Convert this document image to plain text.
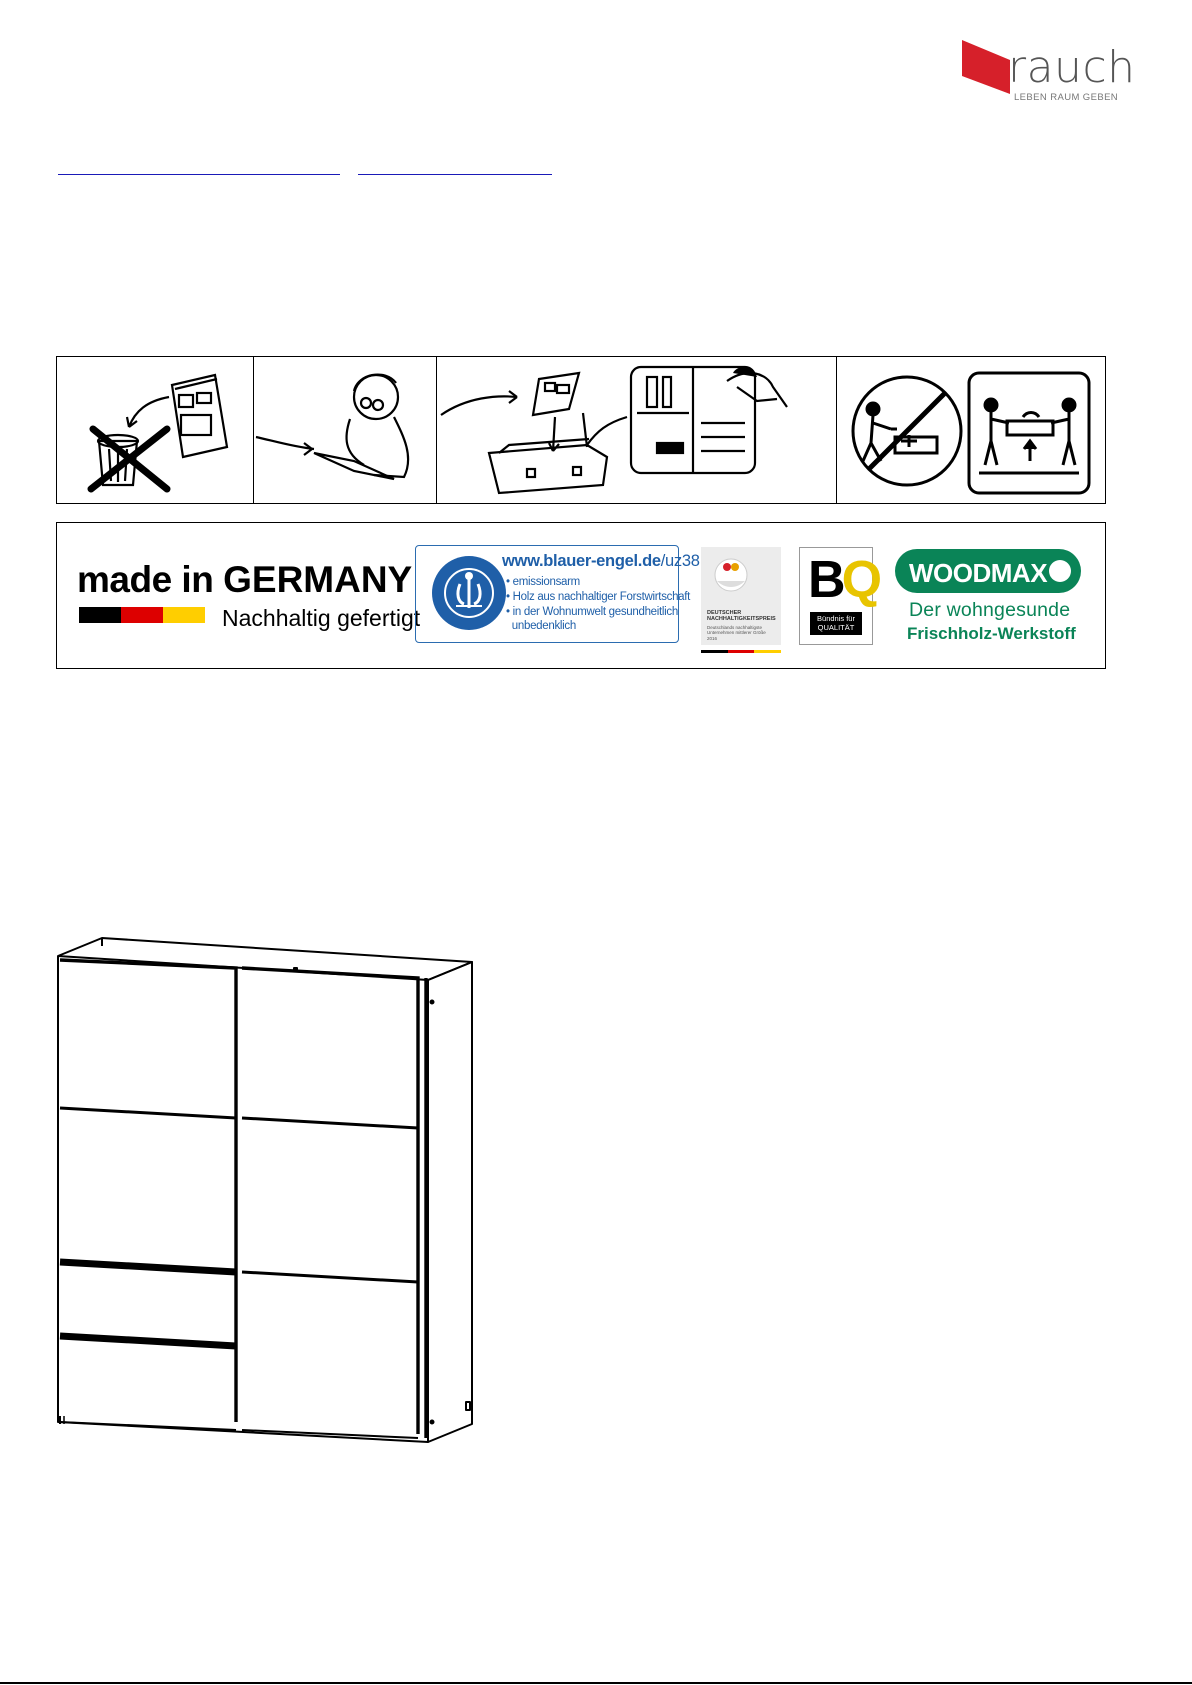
rauch
LEBEN RAUM GEBEN
made in GERMANY
Nachhaltig gefertigt
www.blauer-engel.de/uz38
• emissionsarm
• Holz aus nachhaltiger Forstwirtschaft
• in der Wohnumwelt gesundheitlich
unbedenklich
DEUTSCHER
NACHHALTIGKEITSPREIS
Deutschlands nachhaltigste Unternehmen mittlerer Größe 2016
BQ
Bündnis für
QUALITÄT
WOODMAX
Der wohngesunde
Frischholz-Werkstoff
